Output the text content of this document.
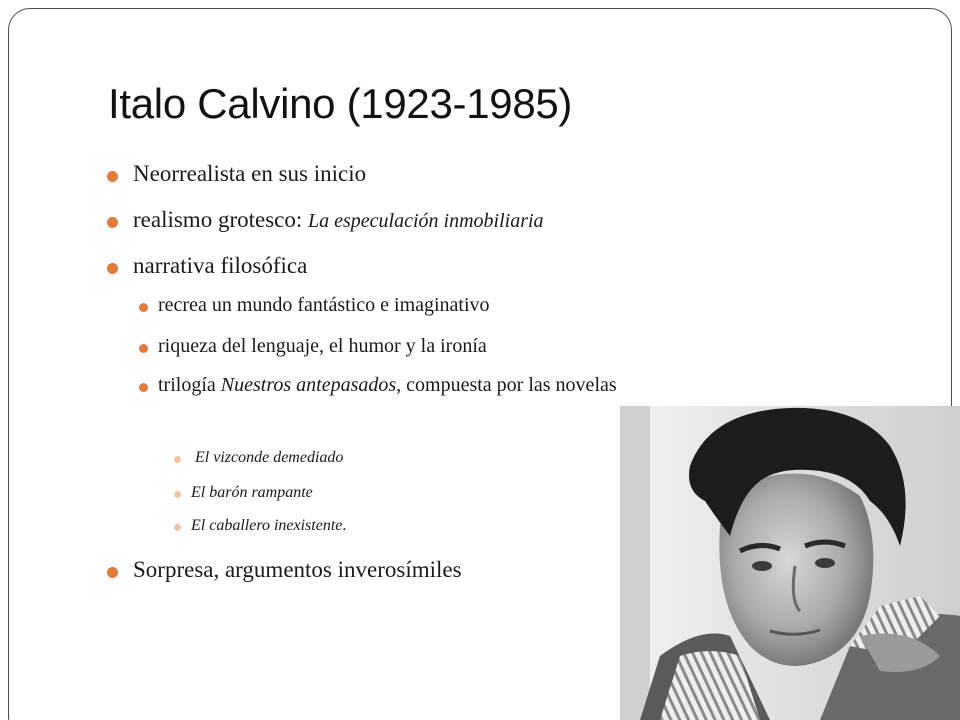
Italo Calvino (1923-1985)
Neorrealista en sus inicio
realismo grotesco: La especulación inmobiliaria
narrativa filosófica
recrea un mundo fantástico e imaginativo
riqueza del lenguaje, el humor y la ironía
trilogía Nuestros antepasados, compuesta por las novelas
El vizconde demediado
El barón rampante
El caballero inexistente.
Sorpresa, argumentos inverosímiles
